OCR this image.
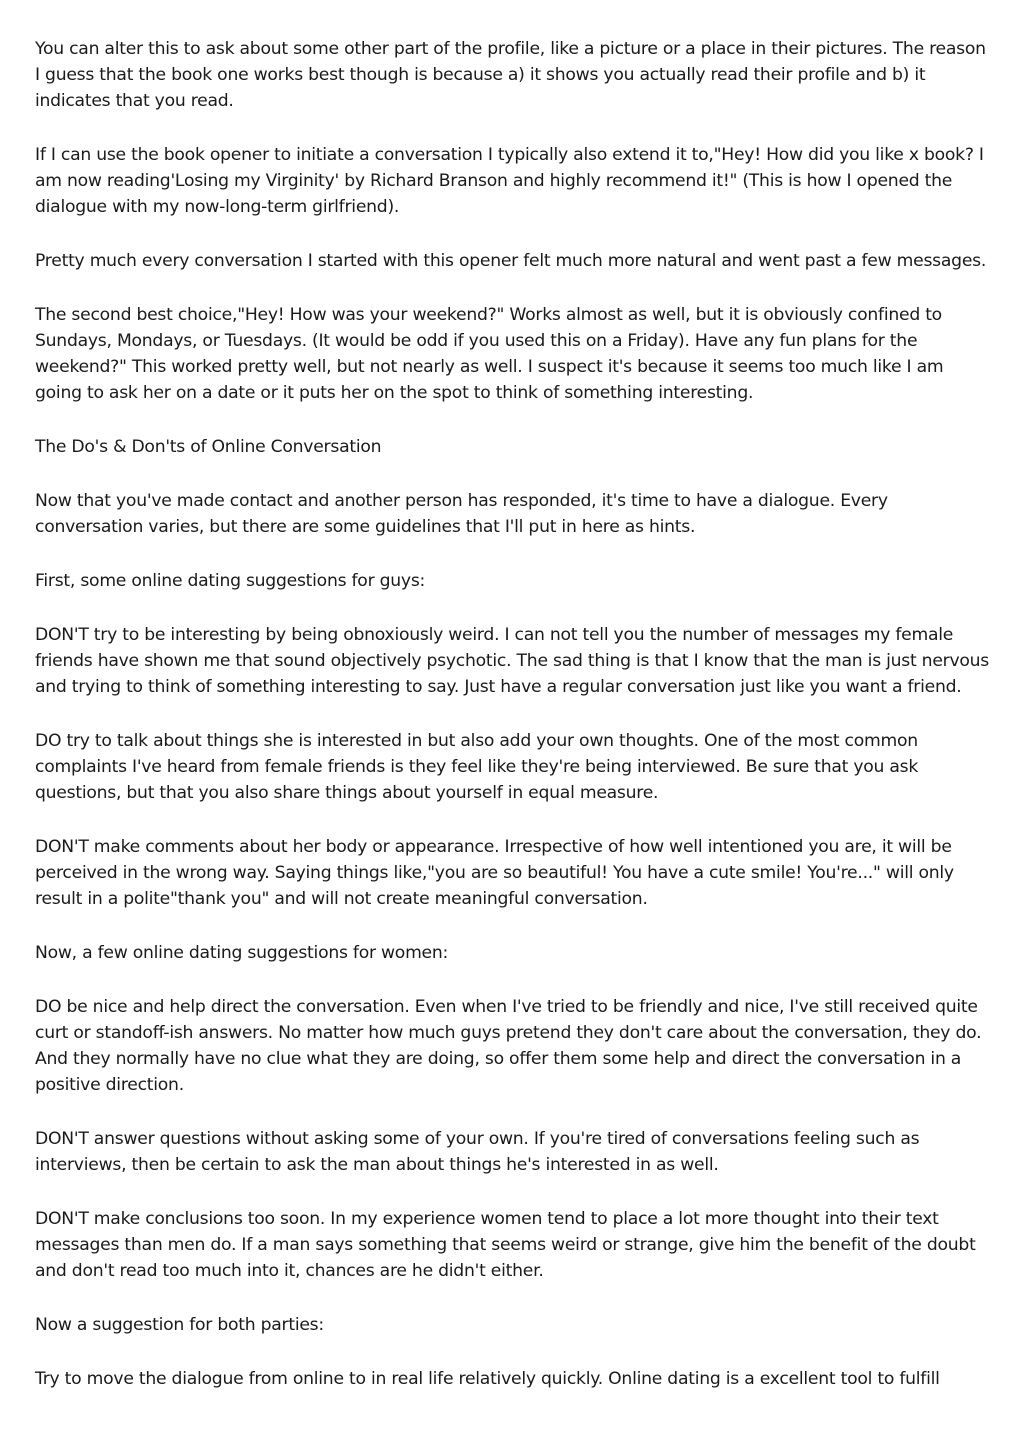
You can alter this to ask about some other part of the profile, like a picture or a place in their pictures. The reason I guess that the book one works best though is because a) it shows you actually read their profile and b) it indicates that you read.

If I can use the book opener to initiate a conversation I typically also extend it to,"Hey! How did you like x book? I am now reading'Losing my Virginity' by Richard Branson and highly recommend it!" (This is how I opened the dialogue with my now-long-term girlfriend).

Pretty much every conversation I started with this opener felt much more natural and went past a few messages.

The second best choice,"Hey! How was your weekend?" Works almost as well, but it is obviously confined to Sundays, Mondays, or Tuesdays. (It would be odd if you used this on a Friday). Have any fun plans for the weekend?" This worked pretty well, but not nearly as well. I suspect it's because it seems too much like I am going to ask her on a date or it puts her on the spot to think of something interesting.

The Do's & Don'ts of Online Conversation

Now that you've made contact and another person has responded, it's time to have a dialogue. Every conversation varies, but there are some guidelines that I'll put in here as hints.

First, some online dating suggestions for guys:

DON'T try to be interesting by being obnoxiously weird. I can not tell you the number of messages my female friends have shown me that sound objectively psychotic. The sad thing is that I know that the man is just nervous and trying to think of something interesting to say. Just have a regular conversation just like you want a friend.

DO try to talk about things she is interested in but also add your own thoughts. One of the most common complaints I've heard from female friends is they feel like they're being interviewed. Be sure that you ask questions, but that you also share things about yourself in equal measure.

DON'T make comments about her body or appearance. Irrespective of how well intentioned you are, it will be perceived in the wrong way. Saying things like,"you are so beautiful! You have a cute smile! You're..." will only result in a polite"thank you" and will not create meaningful conversation.

Now, a few online dating suggestions for women:

DO be nice and help direct the conversation. Even when I've tried to be friendly and nice, I've still received quite curt or standoff-ish answers. No matter how much guys pretend they don't care about the conversation, they do. And they normally have no clue what they are doing, so offer them some help and direct the conversation in a positive direction.

DON'T answer questions without asking some of your own. If you're tired of conversations feeling such as interviews, then be certain to ask the man about things he's interested in as well.

DON'T make conclusions too soon. In my experience women tend to place a lot more thought into their text messages than men do. If a man says something that seems weird or strange, give him the benefit of the doubt and don't read too much into it, chances are he didn't either.

Now a suggestion for both parties:

Try to move the dialogue from online to in real life relatively quickly. Online dating is a excellent tool to fulfill
